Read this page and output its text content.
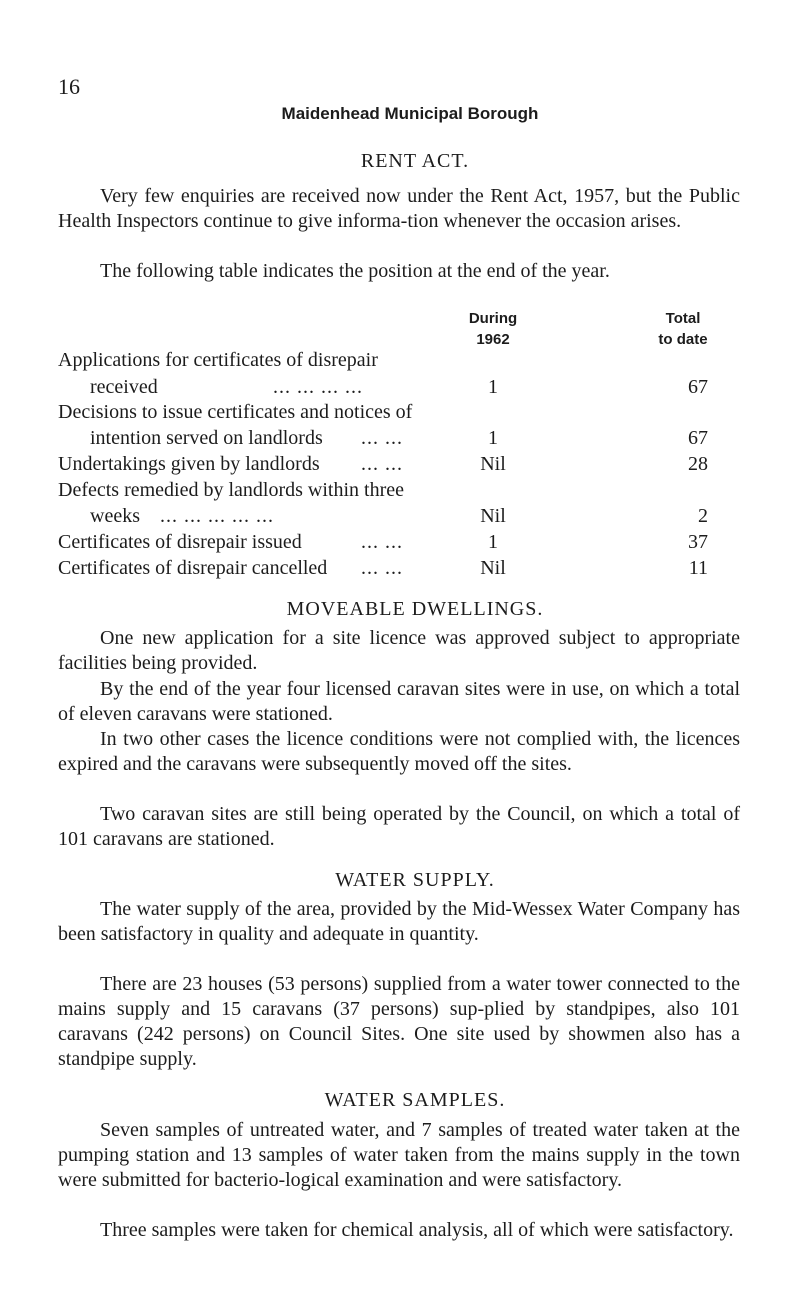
16
Maidenhead Municipal Borough
RENT ACT.

Very few enquiries are received now under the Rent Act, 1957, but the Public Health Inspectors continue to give informa-tion whenever the occasion arises.

The following table indicates the position at the end of the year.

During
1962
Total
to date
Applications for certificates of disrepair
received	... ... ... ...	1	67
Decisions to issue certificates and notices of
intention served on landlords ... ...	1	67
Undertakings given by landlords ... ...	Nil	28
Defects remedied by landlords within three
weeks ... ... ... ... ...	Nil	2
Certificates of disrepair issued	... ...	1	37
Certificates of disrepair cancelled ... ...	Nil	11
MOVEABLE DWELLINGS.

One new application for a site licence was approved subject to appropriate facilities being provided.

By the end of the year four licensed caravan sites were in use, on which a total of eleven caravans were stationed.

In two other cases the licence conditions were not complied with, the licences expired and the caravans were subsequently moved off the sites.

Two caravan sites are still being operated by the Council, on which a total of 101 caravans are stationed.

WATER SUPPLY.

The water supply of the area, provided by the Mid-Wessex Water Company has been satisfactory in quality and adequate in quantity.

There are 23 houses (53 persons) supplied from a water tower connected to the mains supply and 15 caravans (37 persons) sup-plied by standpipes, also 101 caravans (242 persons) on Council Sites. One site used by showmen also has a standpipe supply.

WATER SAMPLES.

Seven samples of untreated water, and 7 samples of treated water taken at the pumping station and 13 samples of water taken from the mains supply in the town were submitted for bacterio-logical examination and were satisfactory.

Three samples were taken for chemical analysis, all of which were satisfactory.
